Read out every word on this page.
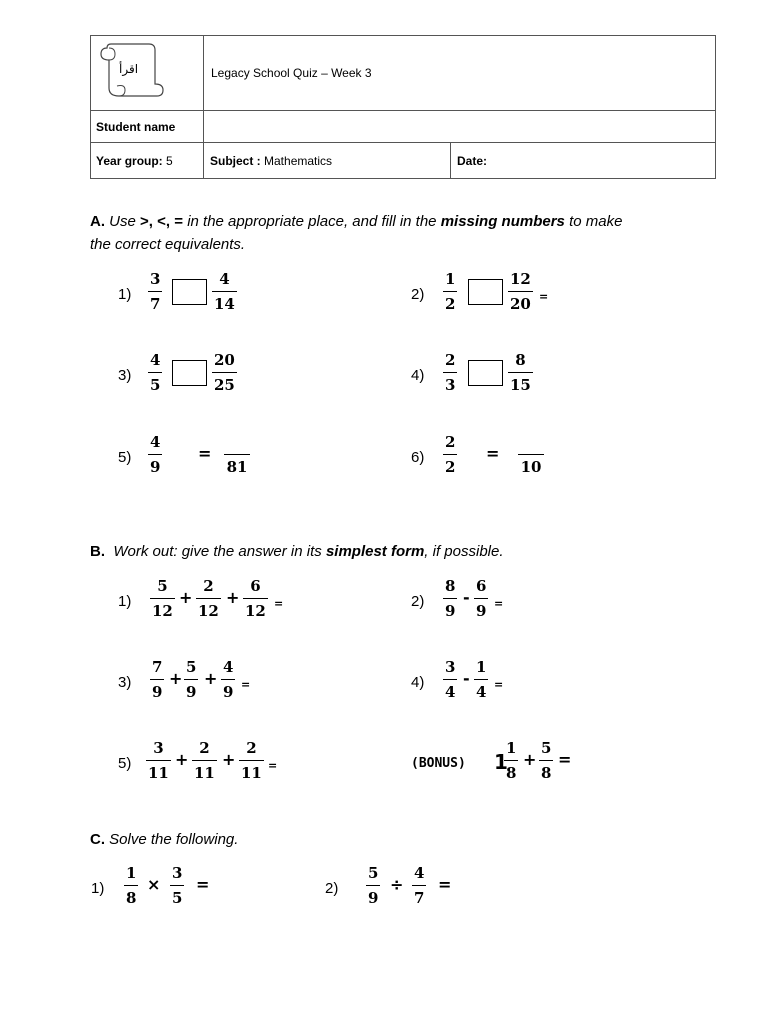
اقرأ	Legacy School Quiz – Week 3	
Student name		
Year group: 5	Subject : Mathematics	Date:
A. Use >, <, = in the appropriate place, and fill in the missing numbers to make
the correct equivalents.
1)
3
7
4
14
2)
1
2
12
20 =
3)
4
5
20
25
4)
2
3
8
15
5)
4
9
=
81
6)
2
2
=
10
B. Work out: give the answer in its simplest form, if possible.
1)
5
12
+
2
12
+
6
12 =	2)
8
9
-
6
9 =
3)
7
9
+
5
9
+
4
9 =	4)
3
4
-
1
4 =
5)
3
11
+
2
11
+
2
11 =	(BONUS) 1
1
8
+
5
8
=
C. Solve the following.
1)
1
8
×
3
5
=	2)
5
9
÷
4
7
=
